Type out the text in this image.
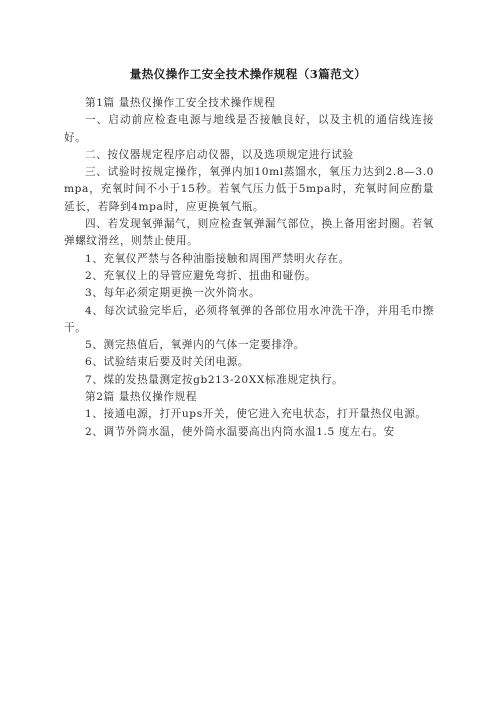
量热仪操作工安全技术操作规程（3篇范文）

第1篇 量热仪操作工安全技术操作规程

一、启动前应检查电源与地线是否接触良好，以及主机的通信线连接好。

二、按仪器规定程序启动仪器，以及选项规定进行试验

三、试验时按规定操作，氧弹内加10ml蒸馏水，氧压力达到2.8—3.0mpa，充氧时间不小于15秒。若氧气压力低于5mpa时，充氧时间应酌量延长，若降到4mpa时，应更换氧气瓶。

四、若发现氧弹漏气，则应检查氧弹漏气部位，换上备用密封圈。若氧弹螺纹滑丝，则禁止使用。

1、充氧仪严禁与各种油脂接触和周围严禁明火存在。

2、充氧仪上的导管应避免弯折、扭曲和碰伤。

3、每年必须定期更换一次外筒水。

4、每次试验完毕后，必须将氧弹的各部位用水冲洗干净，并用毛巾擦干。

5、测完热值后，氧弹内的气体一定要排净。

6、试验结束后要及时关闭电源。

7、煤的发热量测定按gb213-20XX标准规定执行。

第2篇 量热仪操作规程

1、接通电源，打开ups开关，使它进入充电状态，打开量热仪电源。

2、调节外筒水温，使外筒水温要高出内筒水温1.5 度左右。安
